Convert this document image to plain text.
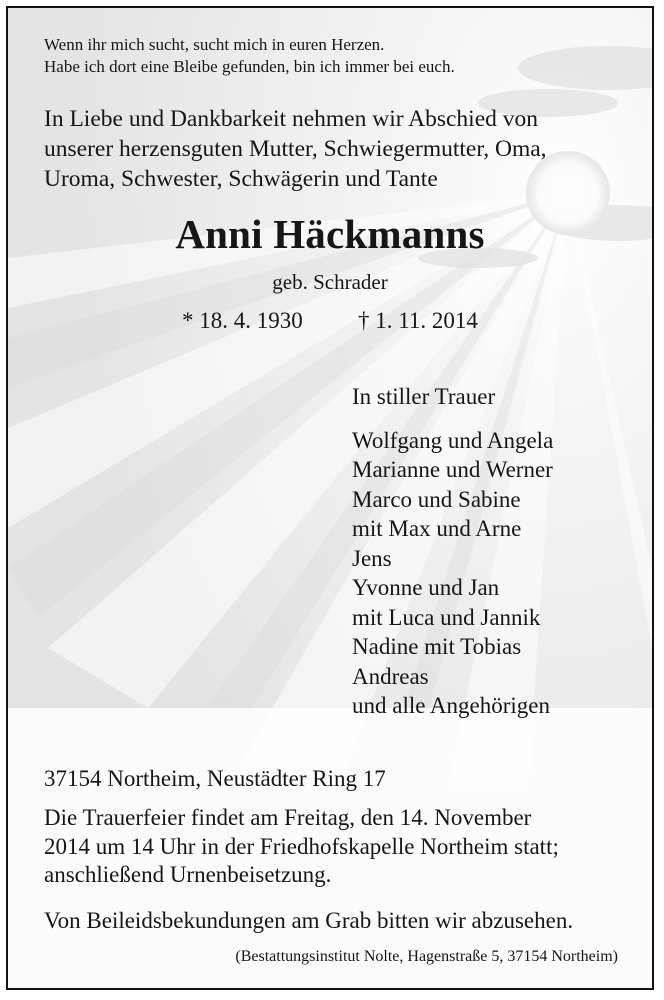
Wenn ihr mich sucht, sucht mich in euren Herzen.
Habe ich dort eine Bleibe gefunden, bin ich immer bei euch.
In Liebe und Dankbarkeit nehmen wir Abschied von
unserer herzensguten Mutter, Schwiegermutter, Oma,
Uroma, Schwester, Schwägerin und Tante
Anni Häckmanns
geb. Schrader
* 18. 4. 1930 † 1. 11. 2014
In stiller Trauer
Wolfgang und Angela
Marianne und Werner
Marco und Sabine
mit Max und Arne
Jens
Yvonne und Jan
mit Luca und Jannik
Nadine mit Tobias
Andreas
und alle Angehörigen
37154 Northeim, Neustädter Ring 17
Die Trauerfeier findet am Freitag, den 14. November
2014 um 14 Uhr in der Friedhofskapelle Northeim statt;
anschließend Urnenbeisetzung.
Von Beileidsbekundungen am Grab bitten wir abzusehen.
(Bestattungsinstitut Nolte, Hagenstraße 5, 37154 Northeim)
